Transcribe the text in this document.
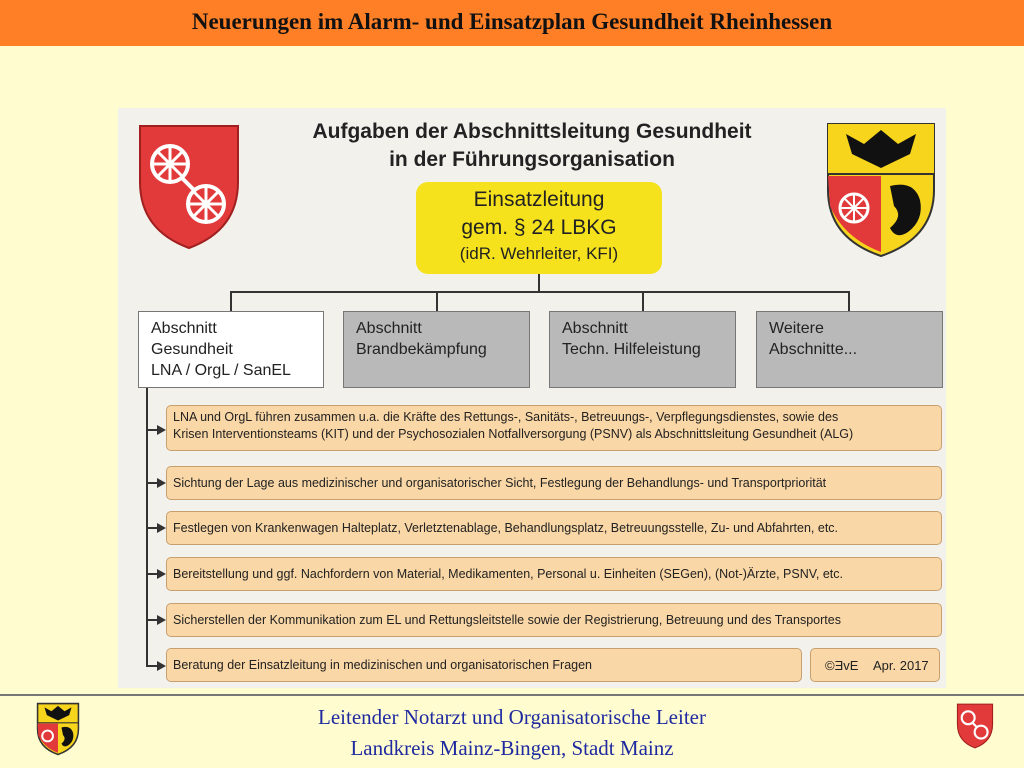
Neuerungen im Alarm- und Einsatzplan Gesundheit Rheinhessen
Aufgaben der Abschnittsleitung Gesundheit
in der Führungsorganisation
Einsatzleitung
gem. § 24 LBKG
(idR. Wehrleiter, KFI)
Abschnitt
Gesundheit
LNA / OrgL / SanEL
Abschnitt
Brandbekämpfung
Abschnitt
Techn. Hilfeleistung
Weitere
Abschnitte...
LNA und OrgL führen zusammen u.a. die Kräfte des Rettungs-, Sanitäts-, Betreuungs-, Verpflegungsdienstes, sowie des
Krisen Interventionsteams (KIT) und der Psychosozialen Notfallversorgung (PSNV) als Abschnittsleitung Gesundheit (ALG)
Sichtung der Lage aus medizinischer und organisatorischer Sicht, Festlegung der Behandlungs- und Transportpriorität
Festlegen von Krankenwagen Halteplatz, Verletztenablage, Behandlungsplatz, Betreuungsstelle, Zu- und Abfahrten, etc.
Bereitstellung und ggf. Nachfordern von Material, Medikamenten, Personal u. Einheiten (SEGen), (Not-)Ärzte, PSNV, etc.
Sicherstellen der Kommunikation zum EL und Rettungsleitstelle sowie der Registrierung, Betreuung und des Transportes
Beratung der Einsatzleitung in medizinischen und organisatorischen Fragen	©ƎvE Apr. 2017
Leitender Notarzt und Organisatorische Leiter
Landkreis Mainz-Bingen, Stadt Mainz
